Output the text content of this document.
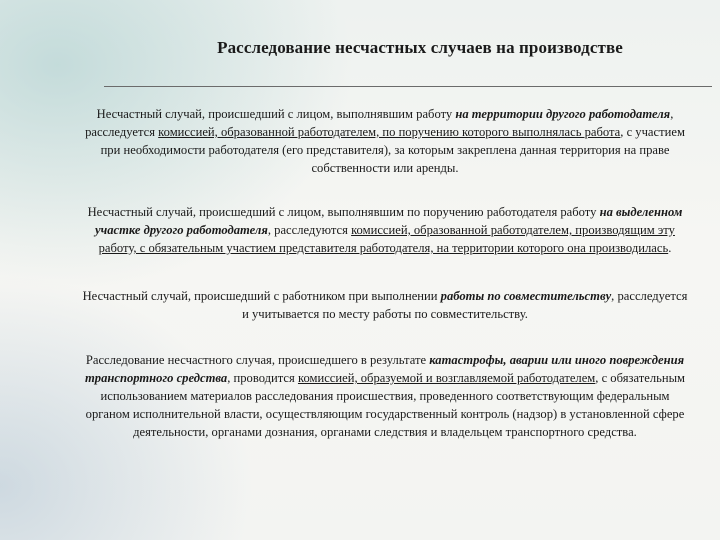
Расследование несчастных случаев на производстве
Несчастный случай, происшедший с лицом, выполнявшим работу на территории другого работодателя, расследуется комиссией, образованной работодателем, по поручению которого выполнялась работа, с участием при необходимости работодателя (его представителя), за которым закреплена данная территория на праве собственности или аренды.
Несчастный случай, происшедший с лицом, выполнявшим по поручению работодателя работу на выделенном участке другого работодателя, расследуются комиссией, образованной работодателем, производящим эту работу, с обязательным участием представителя работодателя, на территории которого она производилась.
Несчастный случай, происшедший с работником при выполнении работы по совместительству, расследуется и учитывается по месту работы по совместительству.
Расследование несчастного случая, происшедшего в результате катастрофы, аварии или иного повреждения транспортного средства, проводится комиссией, образуемой и возглавляемой работодателем, с обязательным использованием материалов расследования происшествия, проведенного соответствующим федеральным органом исполнительной власти, осуществляющим государственный контроль (надзор) в установленной сфере деятельности, органами дознания, органами следствия и владельцем транспортного средства.
